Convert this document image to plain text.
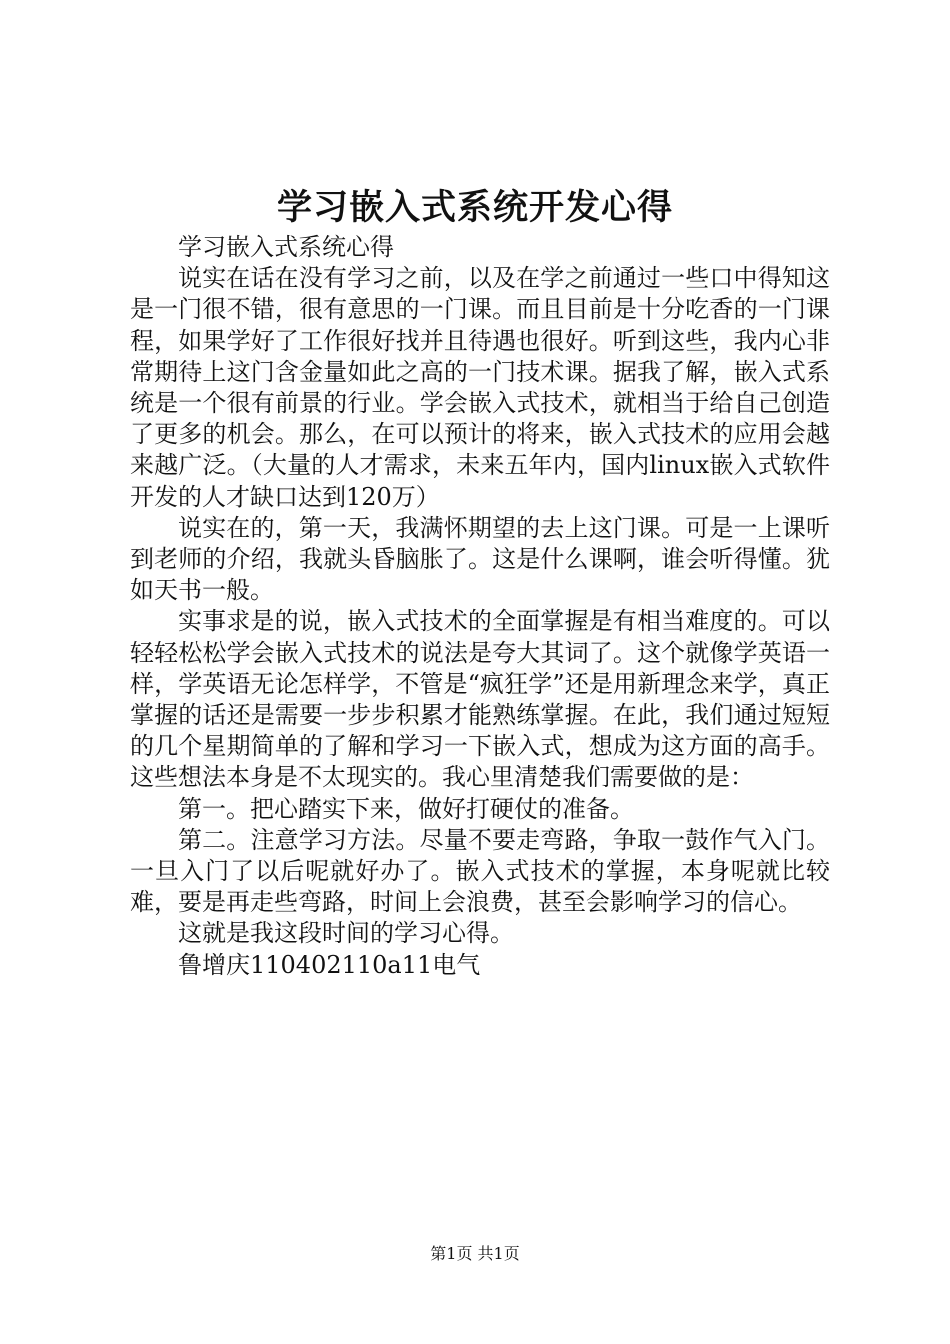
学习嵌入式系统开发心得

学习嵌入式系统心得

说实在话在没有学习之前，以及在学之前通过一些口中得知这是一门很不错，很有意思的一门课。而且目前是十分吃香的一门课程，如果学好了工作很好找并且待遇也很好。听到这些，我内心非常期待上这门含金量如此之高的一门技术课。据我了解，嵌入式系统是一个很有前景的行业。学会嵌入式技术，就相当于给自己创造了更多的机会。那么，在可以预计的将来，嵌入式技术的应用会越来越广泛。（大量的人才需求，未来五年内，国内linux嵌入式软件开发的人才缺口达到120万）

说实在的，第一天，我满怀期望的去上这门课。可是一上课听到老师的介绍，我就头昏脑胀了。这是什么课啊，谁会听得懂。犹如天书一般。

实事求是的说，嵌入式技术的全面掌握是有相当难度的。可以轻轻松松学会嵌入式技术的说法是夸大其词了。这个就像学英语一样，学英语无论怎样学，不管是“疯狂学”还是用新理念来学，真正掌握的话还是需要一步步积累才能熟练掌握。在此，我们通过短短的几个星期简单的了解和学习一下嵌入式，想成为这方面的高手。这些想法本身是不太现实的。我心里清楚我们需要做的是：

第一。把心踏实下来，做好打硬仗的准备。

第二。注意学习方法。尽量不要走弯路，争取一鼓作气入门。一旦入门了以后呢就好办了。嵌入式技术的掌握，本身呢就比较难，要是再走些弯路，时间上会浪费，甚至会影响学习的信心。

这就是我这段时间的学习心得。

鲁增庆110402110a11电气

第1页 共1页
